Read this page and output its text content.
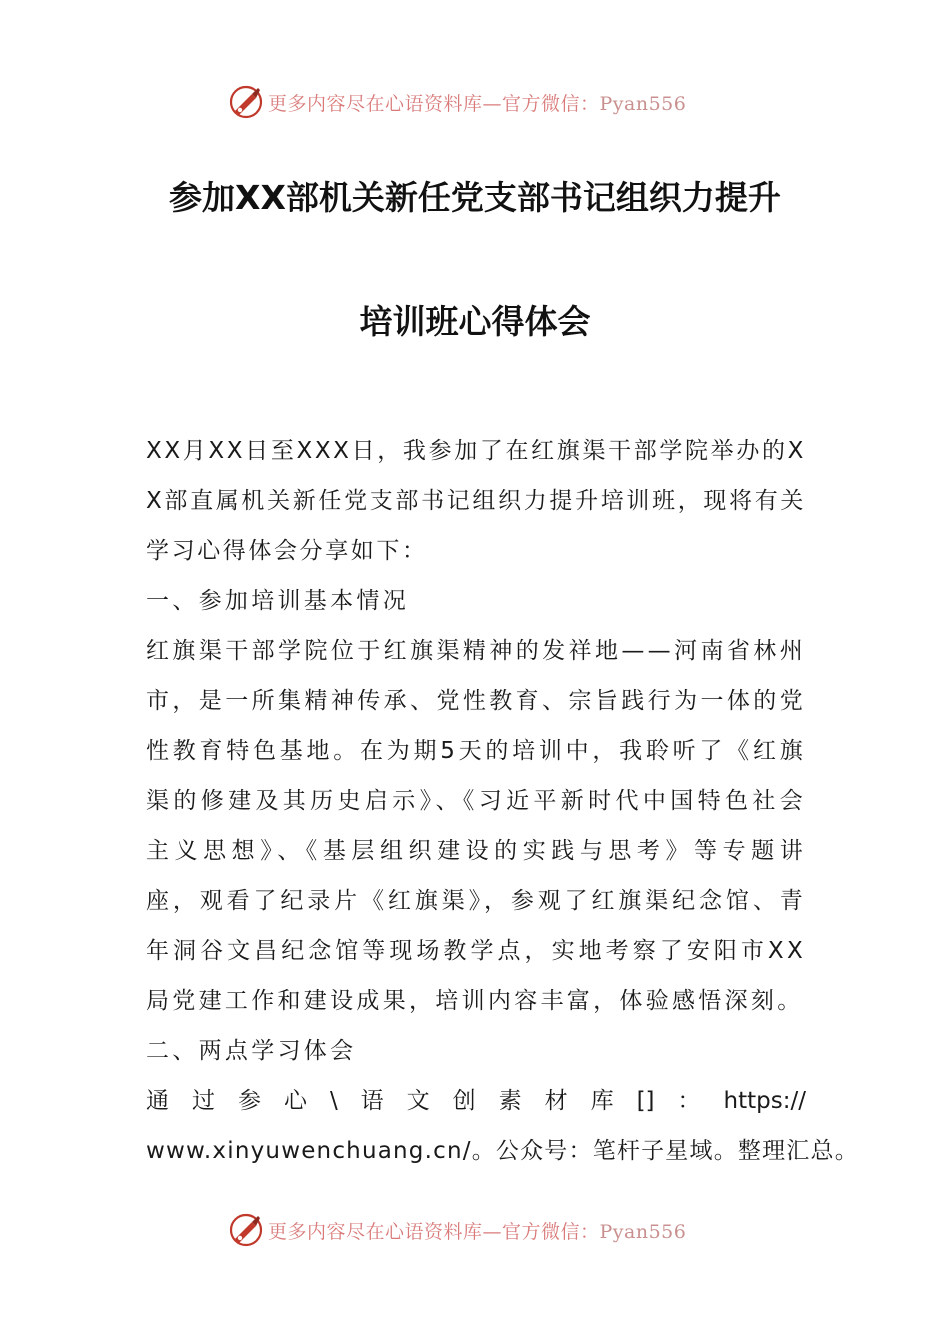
更多内容尽在心语资料库—官方微信：Pyan556
参加XX部机关新任党支部书记组织力提升
培训班心得体会

XX月XX日至XXX日，我参加了在红旗渠干部学院举办的XX部直属机关新任党支部书记组织力提升培训班，现将有关学习心得体会分享如下：

一、参加培训基本情况

红旗渠干部学院位于红旗渠精神的发祥地——河南省林州市，是一所集精神传承、党性教育、宗旨践行为一体的党性教育特色基地。在为期5天的培训中，我聆听了《红旗渠的修建及其历史启示》、《习近平新时代中国特色社会主义思想》、《基层组织建设的实践与思考》等专题讲座，观看了纪录片《红旗渠》，参观了红旗渠纪念馆、青年洞谷文昌纪念馆等现场教学点，实地考察了安阳市XX局党建工作和建设成果，培训内容丰富，体验感悟深刻。

二、两点学习体会

通 过 参 心 \ 语 文 创 素 材 库 [] ： https://
www.xinyuwenchuang.cn/。公众号：笔杆子星域。整理汇总。
更多内容尽在心语资料库—官方微信：Pyan556
